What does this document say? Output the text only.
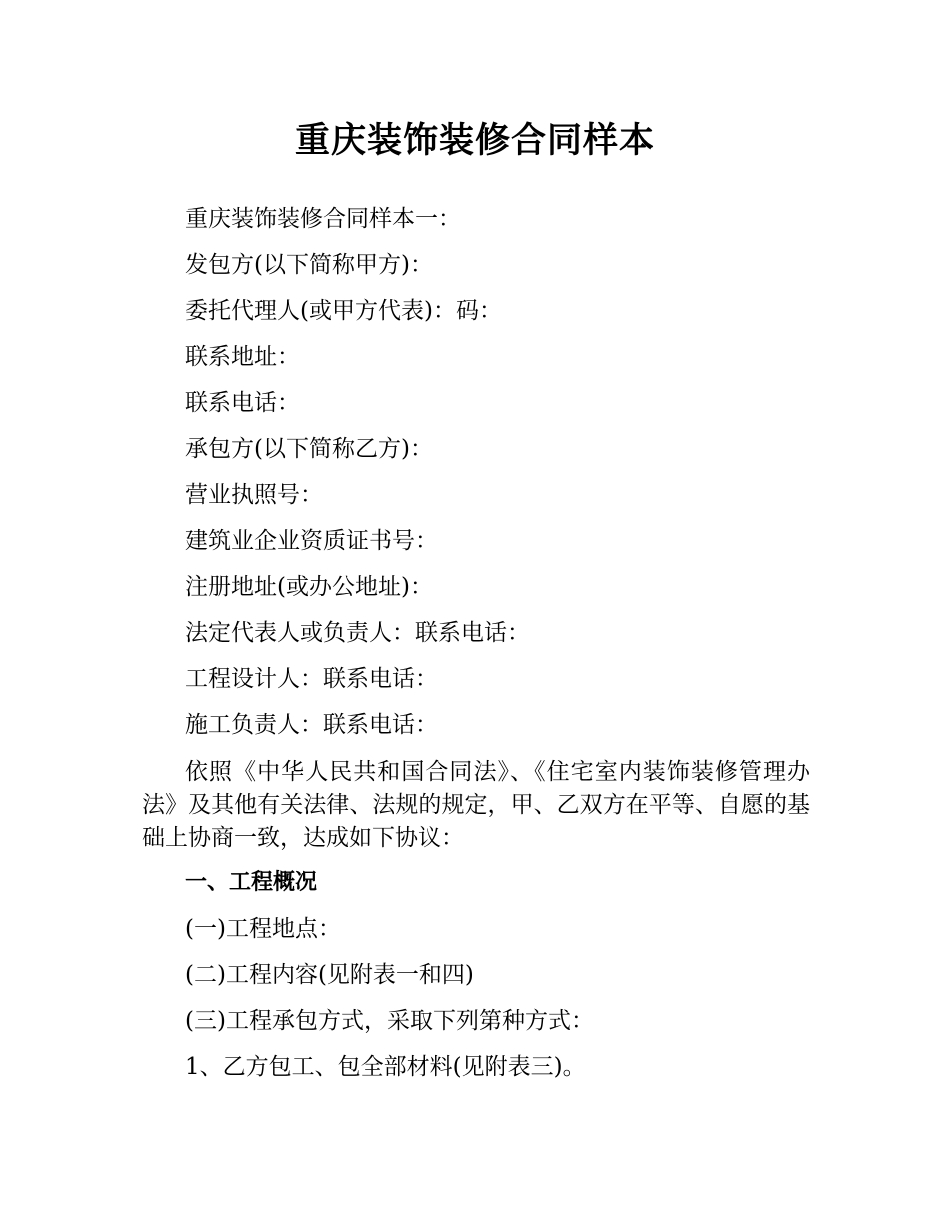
重庆装饰装修合同样本

重庆装饰装修合同样本一：

发包方(以下简称甲方)：

委托代理人(或甲方代表)：码：

联系地址：

联系电话：

承包方(以下简称乙方)：

营业执照号：

建筑业企业资质证书号：

注册地址(或办公地址)：

法定代表人或负责人：联系电话：

工程设计人：联系电话：

施工负责人：联系电话：

依照《中华人民共和国合同法》、《住宅室内装饰装修管理办法》及其他有关法律、法规的规定，甲、乙双方在平等、自愿的基础上协商一致，达成如下协议：

一、工程概况

(一)工程地点：

(二)工程内容(见附表一和四)

(三)工程承包方式，采取下列第种方式：

1、乙方包工、包全部材料(见附表三)。
